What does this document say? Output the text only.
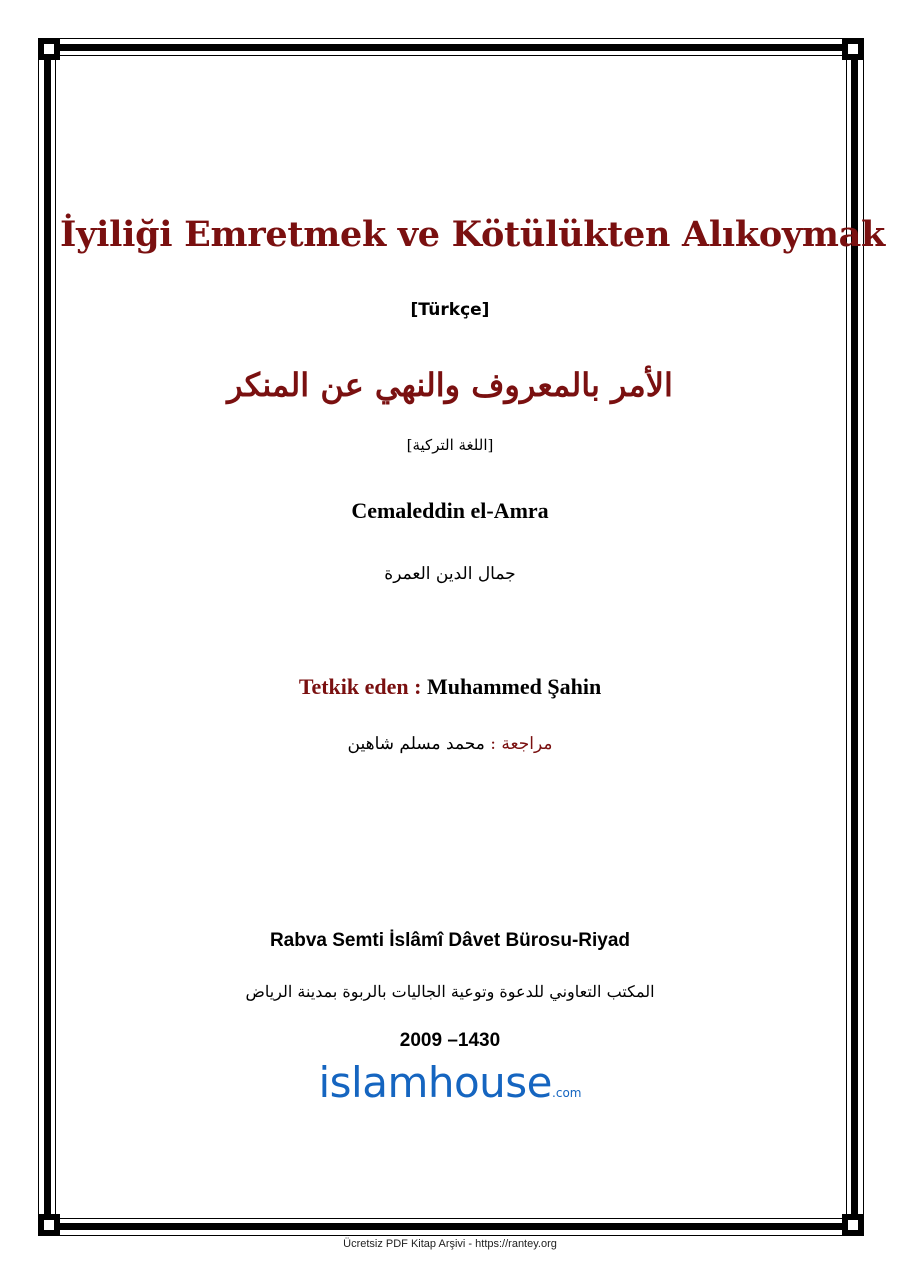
İyiliği Emretmek ve Kötülükten Alıkoymak
[Türkçe]
الأمر بالمعروف والنهي عن المنكر
[اللغة التركية]
Cemaleddin el-Amra
جمال الدين العمرة
Tetkik eden : Muhammed Şahin
مراجعة : محمد مسلم شاهين
Rabva Semti İslâmî Dâvet Bürosu-Riyad
المكتب التعاوني للدعوة وتوعية الجاليات بالربوة بمدينة الرياض
2009 –1430
islamhouse.com
Ücretsiz PDF Kitap Arşivi - https://rantey.org
